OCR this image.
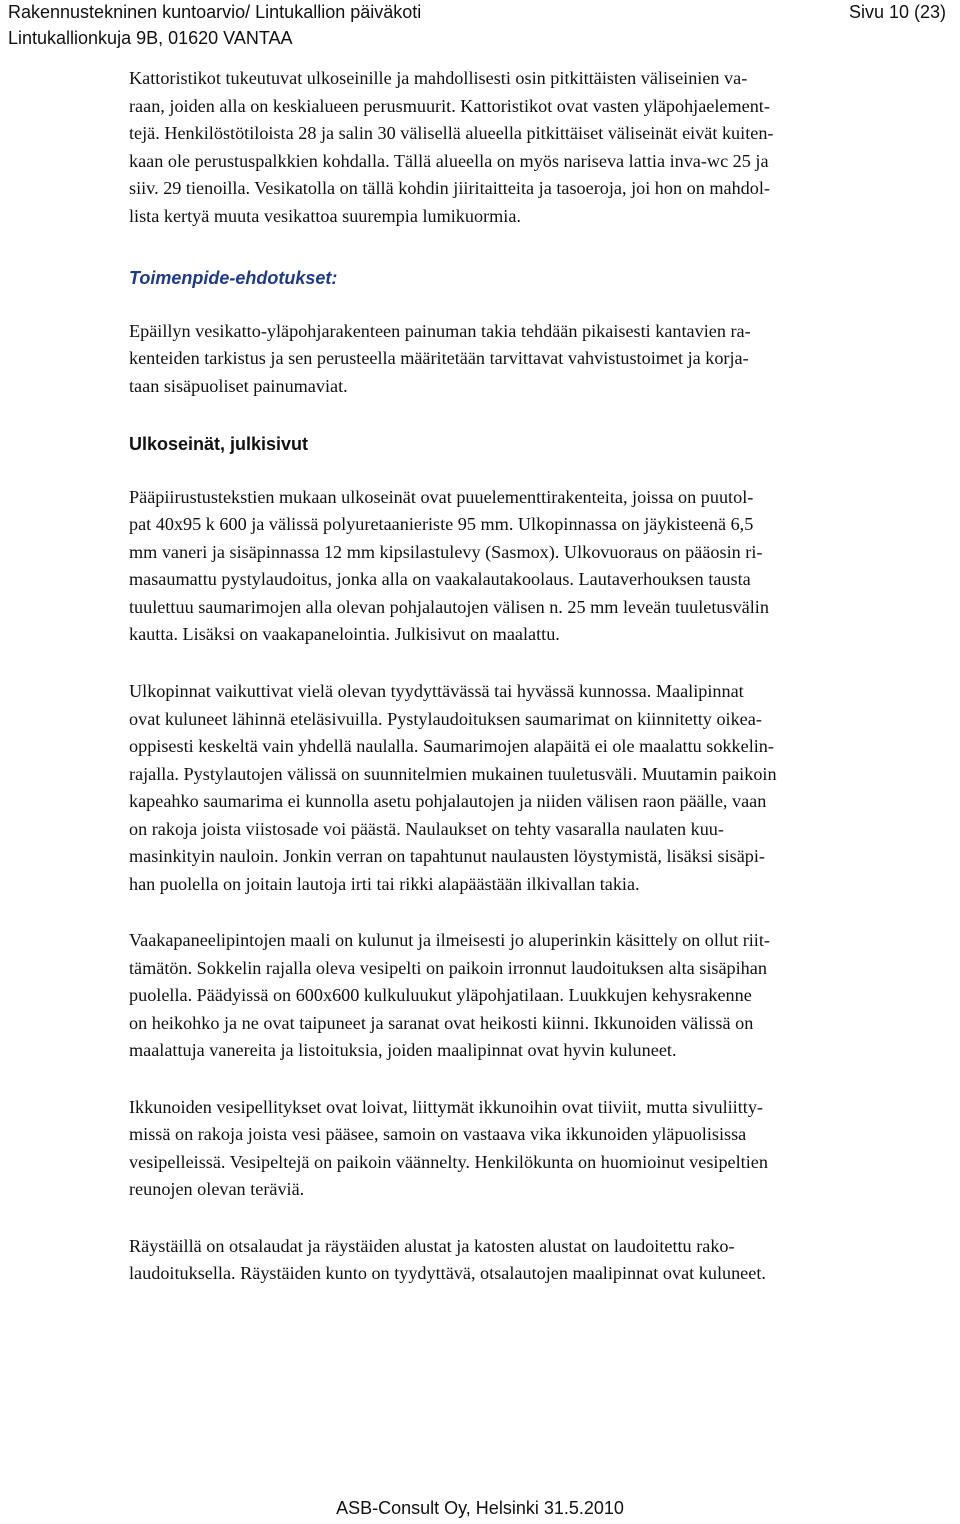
Rakennustekninen kuntoarvio/ Lintukallion päiväkoti
Lintukallionkuja 9B, 01620 VANTAA
Sivu 10 (23)
Kattoristikot tukeutuvat ulkoseinille ja mahdollisesti osin pitkittäisten väliseinien va-
raan, joiden alla on keskialueen perusmuurit. Kattoristikot ovat vasten yläpohjaelement-
tejä. Henkilöstötiloista 28 ja salin 30 välisellä alueella pitkittäiset väliseinät eivät kuiten-
kaan ole perustuspalkkien kohdalla. Tällä alueella on myös nariseva lattia inva-wc 25 ja
siiv. 29 tienoilla. Vesikatolla on tällä kohdin jiiritaitteita ja tasoeroja, joi hon on mahdol-
lista kertyä muuta vesikattoa suurempia lumikuormia.
Toimenpide-ehdotukset:
Epäillyn vesikatto-yläpohjarakenteen painuman takia tehdään pikaisesti kantavien ra-
kenteiden tarkistus ja sen perusteella määritetään tarvittavat vahvistustoimet ja korja-
taan sisäpuoliset painumaviat.
Ulkoseinät, julkisivut
Pääpiirustustekstien mukaan ulkoseinät ovat puuelementtirakenteita, joissa on puutol-
pat 40x95 k 600 ja välissä polyuretaanieriste 95 mm. Ulkopinnassa on jäykisteenä 6,5
mm vaneri ja sisäpinnassa 12 mm kipsilastulevy (Sasmox). Ulkovuoraus on pääosin ri-
masaumattu pystylaudoitus, jonka alla on vaakalautakoolaus. Lautaverhouksen tausta
tuulettuu saumarimojen alla olevan pohjalautojen välisen n. 25 mm leveän tuuletusvälin
kautta. Lisäksi on vaakapanelointia. Julkisivut on maalattu.
Ulkopinnat vaikuttivat vielä olevan tyydyttävässä tai hyvässä kunnossa. Maalipinnat
ovat kuluneet lähinnä eteläsivuilla. Pystylaudoituksen saumarimat on kiinnitetty oikea-
oppisesti keskeltä vain yhdellä naulalla. Saumarimojen alapäitä ei ole maalattu sokkelin-
rajalla. Pystylautojen välissä on suunnitelmien mukainen tuuletusväli. Muutamin paikoin
kapeahko saumarima ei kunnolla asetu pohjalautojen ja niiden välisen raon päälle, vaan
on rakoja joista viistosade voi päästä. Naulaukset on tehty vasaralla naulaten kuu-
masinkityin nauloin. Jonkin verran on tapahtunut naulausten löystymistä, lisäksi sisäpi-
han puolella on joitain lautoja irti tai rikki alapäästään ilkivallan takia.
Vaakapaneelipintojen maali on kulunut ja ilmeisesti jo aluperinkin käsittely on ollut riit-
tämätön. Sokkelin rajalla oleva vesipelti on paikoin irronnut laudoituksen alta sisäpihan
puolella. Päädyissä on 600x600 kulkuluukut yläpohjatilaan. Luukkujen kehysrakenne
on heikohko ja ne ovat taipuneet ja saranat ovat heikosti kiinni. Ikkunoiden välissä on
maalattuja vanereita ja listoituksia, joiden maalipinnat ovat hyvin kuluneet.
Ikkunoiden vesipellitykset ovat loivat, liittymät ikkunoihin ovat tiiviit, mutta sivuliitty-
missä on rakoja joista vesi pääsee, samoin on vastaava vika ikkunoiden yläpuolisissa
vesipelleissä. Vesipeltejä on paikoin väännelty. Henkilökunta on huomioinut vesipeltien
reunojen olevan teräviä.
Räystäillä on otsalaudat ja räystäiden alustat ja katosten alustat on laudoitettu rako-
laudoituksella. Räystäiden kunto on tyydyttävä, otsalautojen maalipinnat ovat kuluneet.
ASB-Consult Oy, Helsinki 31.5.2010
